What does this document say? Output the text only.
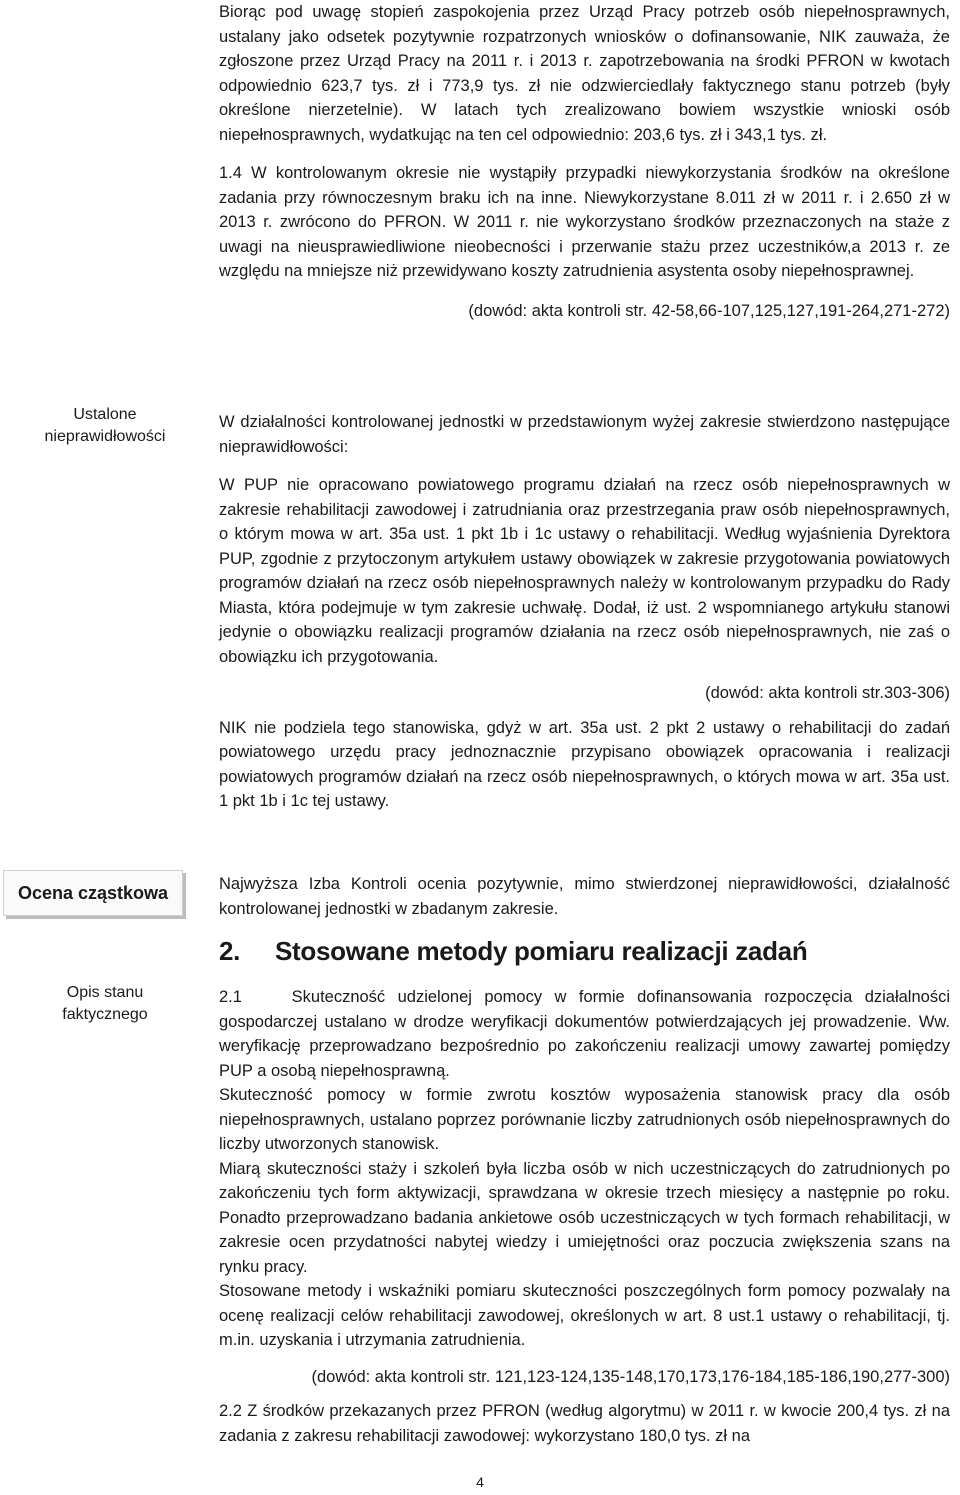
Biorąc pod uwagę stopień zaspokojenia przez Urząd Pracy potrzeb osób niepełnosprawnych, ustalany jako odsetek pozytywnie rozpatrzonych wniosków o dofinansowanie, NIK zauważa, że zgłoszone przez Urząd Pracy na 2011 r. i 2013 r. zapotrzebowania na środki PFRON w kwotach odpowiednio 623,7 tys. zł i 773,9 tys. zł nie odzwierciedlały faktycznego stanu potrzeb (były określone nierzetelnie). W latach tych zrealizowano bowiem wszystkie wnioski osób niepełnosprawnych, wydatkując na ten cel odpowiednio: 203,6 tys. zł i 343,1 tys. zł.

1.4 W kontrolowanym okresie nie wystąpiły przypadki niewykorzystania środków na określone zadania przy równoczesnym braku ich na inne. Niewykorzystane 8.011 zł w 2011 r. i 2.650 zł w 2013 r. zwrócono do PFRON. W 2011 r. nie wykorzystano środków przeznaczonych na staże z uwagi na nieusprawiedliwione nieobecności i przerwanie stażu przez uczestników,a 2013 r. ze względu na mniejsze niż przewidywano koszty zatrudnienia asystenta osoby niepełnosprawnej.

(dowód: akta kontroli str. 42-58,66-107,125,127,191-264,271-272)

Ustalone nieprawidłowości

W działalności kontrolowanej jednostki w przedstawionym wyżej zakresie stwierdzono następujące nieprawidłowości:

W PUP nie opracowano powiatowego programu działań na rzecz osób niepełnosprawnych w zakresie rehabilitacji zawodowej i zatrudniania oraz przestrzegania praw osób niepełnosprawnych, o którym mowa w art. 35a ust. 1 pkt 1b i 1c ustawy o rehabilitacji. Według wyjaśnienia Dyrektora PUP, zgodnie z przytoczonym artykułem ustawy obowiązek w zakresie przygotowania powiatowych programów działań na rzecz osób niepełnosprawnych należy w kontrolowanym przypadku do Rady Miasta, która podejmuje w tym zakresie uchwałę. Dodał, iż ust. 2 wspomnianego artykułu stanowi jedynie o obowiązku realizacji programów działania na rzecz osób niepełnosprawnych, nie zaś o obowiązku ich przygotowania.

(dowód: akta kontroli str.303-306)

NIK nie podziela tego stanowiska, gdyż w art. 35a ust. 2 pkt 2 ustawy o rehabilitacji do zadań powiatowego urzędu pracy jednoznacznie przypisano obowiązek opracowania i realizacji powiatowych programów działań na rzecz osób niepełnosprawnych, o których mowa w art. 35a ust. 1 pkt 1b i 1c tej ustawy.

Ocena cząstkowa	Najwyższa Izba Kontroli ocenia pozytywnie, mimo stwierdzonej nieprawidłowości, działalność kontrolowanej jednostki w zbadanym zakresie.

2. Stosowane metody pomiaru realizacji zadań
Opis stanu faktycznego

2.1    Skuteczność udzielonej pomocy w formie dofinansowania rozpoczęcia działalności gospodarczej ustalano w drodze weryfikacji dokumentów potwierdzających jej prowadzenie. Ww. weryfikację przeprowadzano bezpośrednio po zakończeniu realizacji umowy zawartej pomiędzy PUP a osobą niepełnosprawną.

Skuteczność pomocy w formie zwrotu kosztów wyposażenia stanowisk pracy dla osób niepełnosprawnych, ustalano poprzez porównanie liczby zatrudnionych osób niepełnosprawnych do liczby utworzonych stanowisk.

Miarą skuteczności staży i szkoleń była liczba osób w nich uczestniczących do zatrudnionych po zakończeniu tych form aktywizacji, sprawdzana w okresie trzech miesięcy a następnie po roku. Ponadto przeprowadzano badania ankietowe osób uczestniczących w tych formach rehabilitacji, w zakresie ocen przydatności nabytej wiedzy i umiejętności oraz poczucia zwiększenia szans na rynku pracy.

Stosowane metody i wskaźniki pomiaru skuteczności poszczególnych form pomocy pozwalały na ocenę realizacji celów rehabilitacji zawodowej, określonych w art. 8 ust.1 ustawy o rehabilitacji, tj. m.in. uzyskania i utrzymania zatrudnienia.

(dowód: akta kontroli str. 121,123-124,135-148,170,173,176-184,185-186,190,277-300)

2.2 Z środków przekazanych przez PFRON (według algorytmu) w 2011 r. w kwocie 200,4 tys. zł na zadania z zakresu rehabilitacji zawodowej: wykorzystano 180,0 tys. zł na

4
